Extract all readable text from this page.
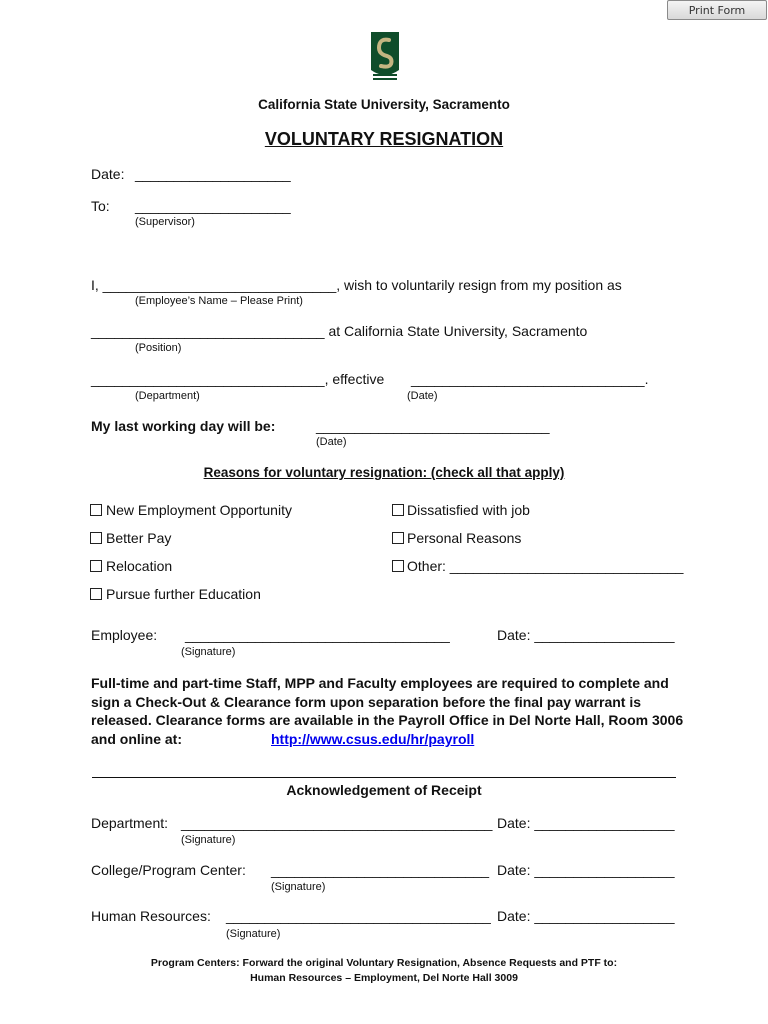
Print Form
California State University, Sacramento
VOLUNTARY RESIGNATION
Date: ____________________
To: ____________________
(Supervisor)
I, ______________________________, wish to voluntarily resign from my position as
(Employee’s Name – Please Print)
______________________________ at California State University, Sacramento
(Position)
______________________________, effective ______________________________.
(Department)	(Date)
My last working day will be:	______________________________
(Date)
Reasons for voluntary resignation: (check all that apply)
New Employment Opportunity
Better Pay
Relocation
Pursue further Education
Dissatisfied with job
Personal Reasons
Other: ______________________________
Employee: __________________________________
(Signature)
Date: __________________
Full-time and part-time Staff, MPP and Faculty employees are required to complete and
sign a Check-Out & Clearance form upon separation before the final pay warrant is
released. Clearance forms are available in the Payroll Office in Del Norte Hall, Room 3006
and online at:	http://www.csus.edu/hr/payroll
Acknowledgement of Receipt
Department: ________________________________________
(Signature)
Date: __________________
College/Program Center: ____________________________
(Signature)
Date: __________________
Human Resources: __________________________________
(Signature)
Date: __________________
Program Centers: Forward the original Voluntary Resignation, Absence Requests and PTF to:
Human Resources – Employment, Del Norte Hall 3009
